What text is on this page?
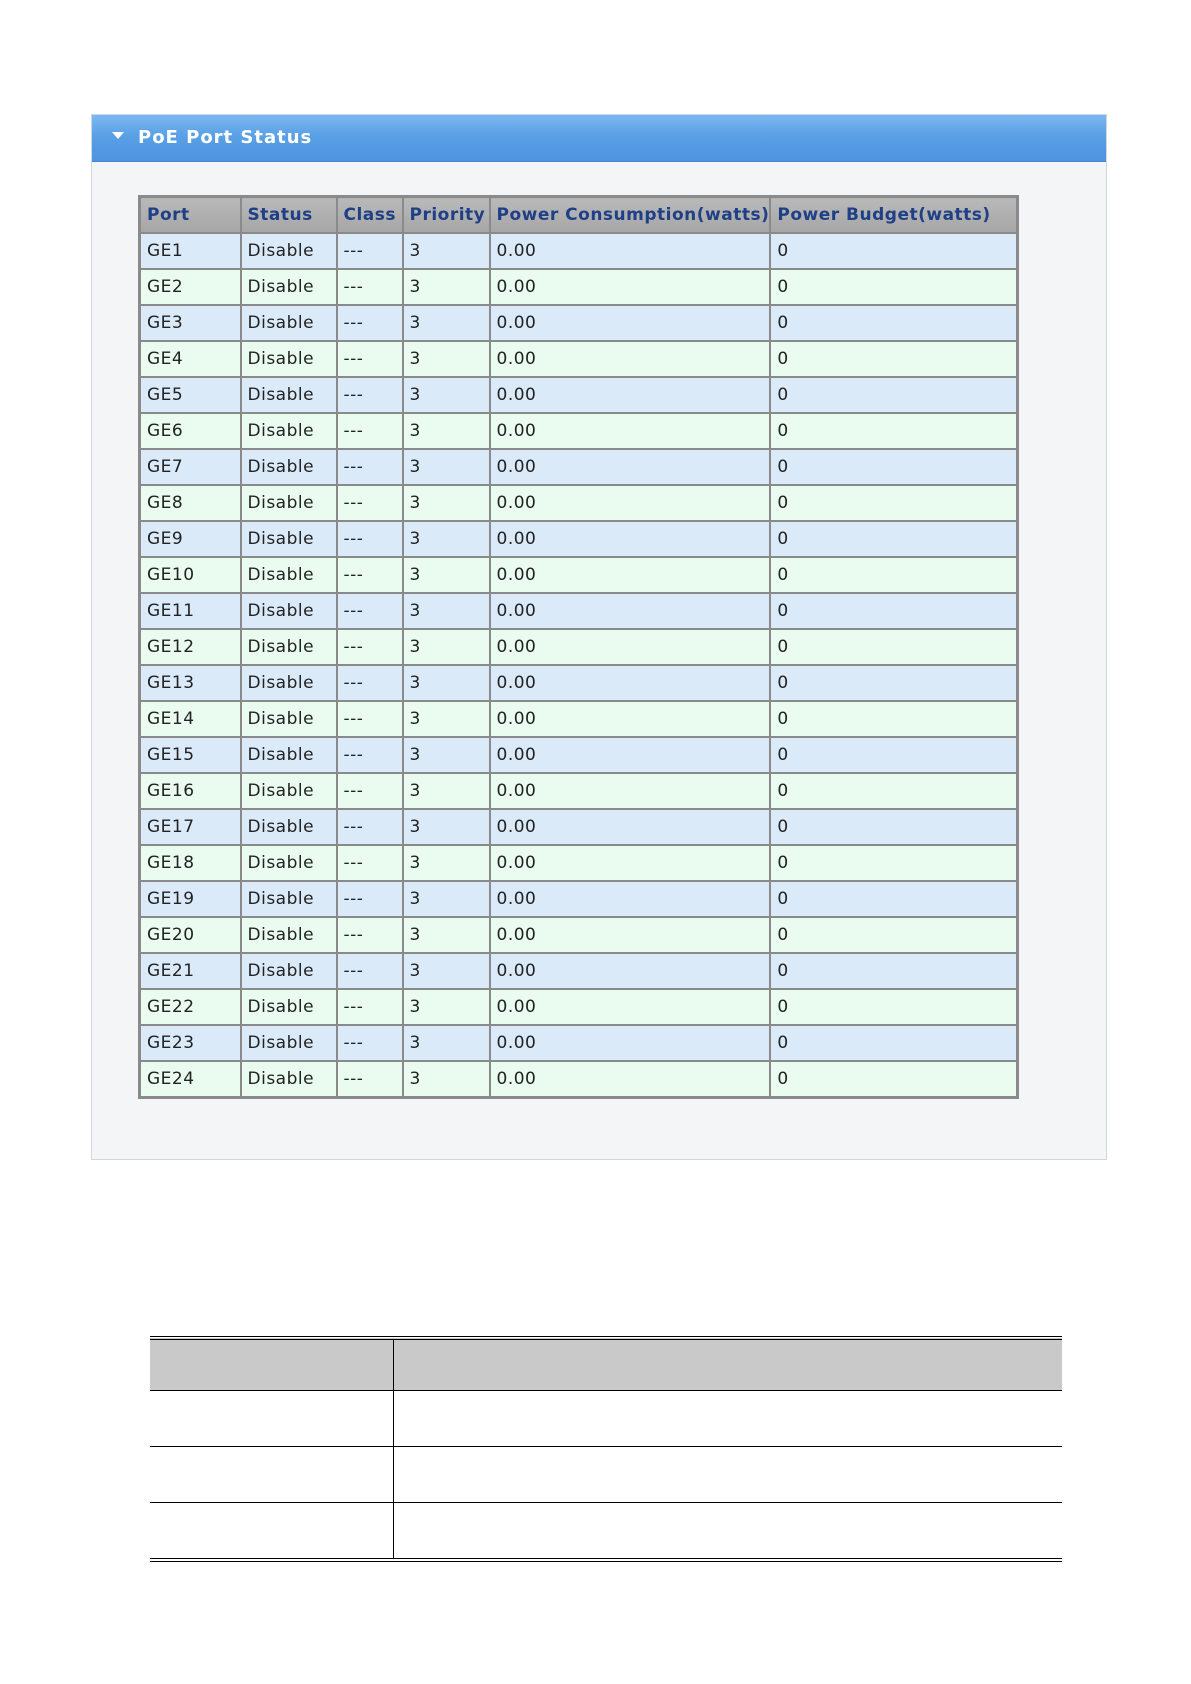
PoE Port Status
Port	Status	Class	Priority	Power Consumption(watts)	Power Budget(watts)
GE1	Disable	---	3	0.00	0
GE2	Disable	---	3	0.00	0
GE3	Disable	---	3	0.00	0
GE4	Disable	---	3	0.00	0
GE5	Disable	---	3	0.00	0
GE6	Disable	---	3	0.00	0
GE7	Disable	---	3	0.00	0
GE8	Disable	---	3	0.00	0
GE9	Disable	---	3	0.00	0
GE10	Disable	---	3	0.00	0
GE11	Disable	---	3	0.00	0
GE12	Disable	---	3	0.00	0
GE13	Disable	---	3	0.00	0
GE14	Disable	---	3	0.00	0
GE15	Disable	---	3	0.00	0
GE16	Disable	---	3	0.00	0
GE17	Disable	---	3	0.00	0
GE18	Disable	---	3	0.00	0
GE19	Disable	---	3	0.00	0
GE20	Disable	---	3	0.00	0
GE21	Disable	---	3	0.00	0
GE22	Disable	---	3	0.00	0
GE23	Disable	---	3	0.00	0
GE24	Disable	---	3	0.00	0
